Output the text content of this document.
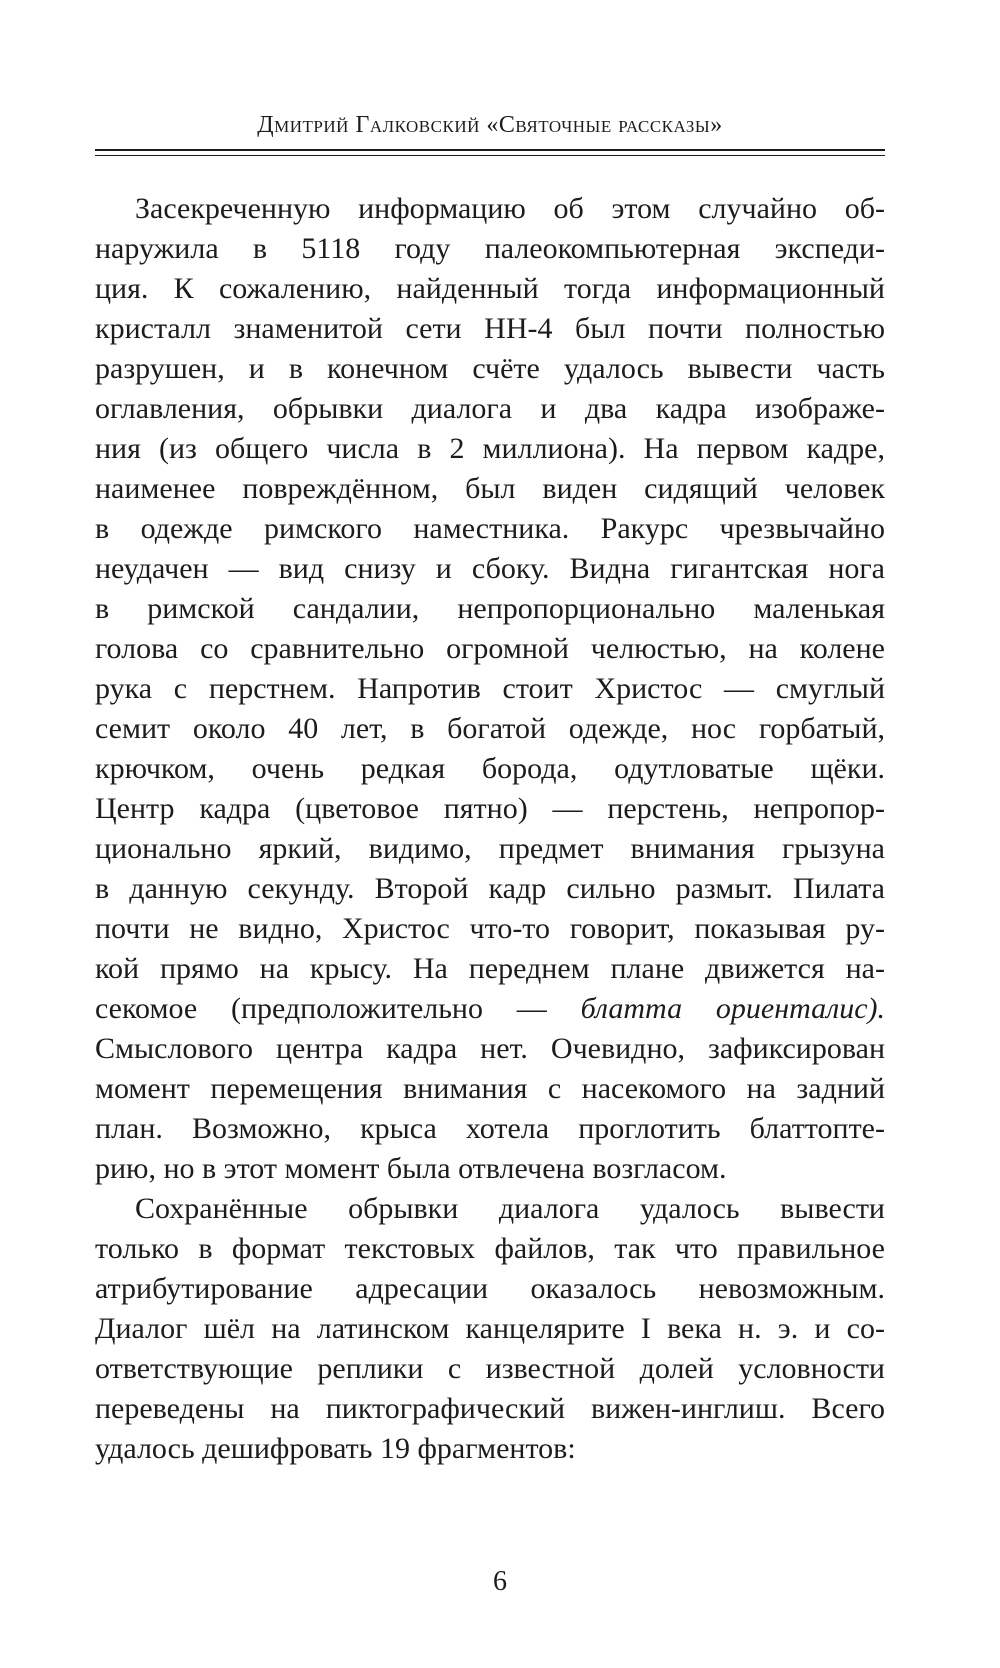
Дмитрий Галковский «Святочные рассказы»
Засекреченную информацию об этом случайно об-
наружила в 5118 году палеокомпьютерная экспеди-
ция. К сожалению, найденный тогда информационный
кристалл знаменитой сети НН-4 был почти полностью
разрушен, и в конечном счёте удалось вывести часть
оглавления, обрывки диалога и два кадра изображе-
ния (из общего числа в 2 миллиона). На первом кадре,
наименее повреждённом, был виден сидящий человек
в одежде римского наместника. Ракурс чрезвычайно
неудачен — вид снизу и сбоку. Видна гигантская нога
в римской сандалии, непропорционально маленькая
голова со сравнительно огромной челюстью, на колене
рука с перстнем. Напротив стоит Христос — смуглый
семит около 40 лет, в богатой одежде, нос горбатый,
крючком, очень редкая борода, одутловатые щёки.
Центр кадра (цветовое пятно) — перстень, непропор-
ционально яркий, видимо, предмет внимания грызуна
в данную секунду. Второй кадр сильно размыт. Пилата
почти не видно, Христос что-то говорит, показывая ру-
кой прямо на крысу. На переднем плане движется на-
секомое (предположительно — блатта ориенталис).
Смыслового центра кадра нет. Очевидно, зафиксирован
момент перемещения внимания с насекомого на задний
план. Возможно, крыса хотела проглотить блаттопте-
рию, но в этот момент была отвлечена возгласом.
Сохранённые обрывки диалога удалось вывести
только в формат текстовых файлов, так что правильное
атрибутирование адресации оказалось невозможным.
Диалог шёл на латинском канцелярите I века н. э. и со-
ответствующие реплики с известной долей условности
переведены на пиктографический вижен-инглиш. Всего
удалось дешифровать 19 фрагментов:
6
